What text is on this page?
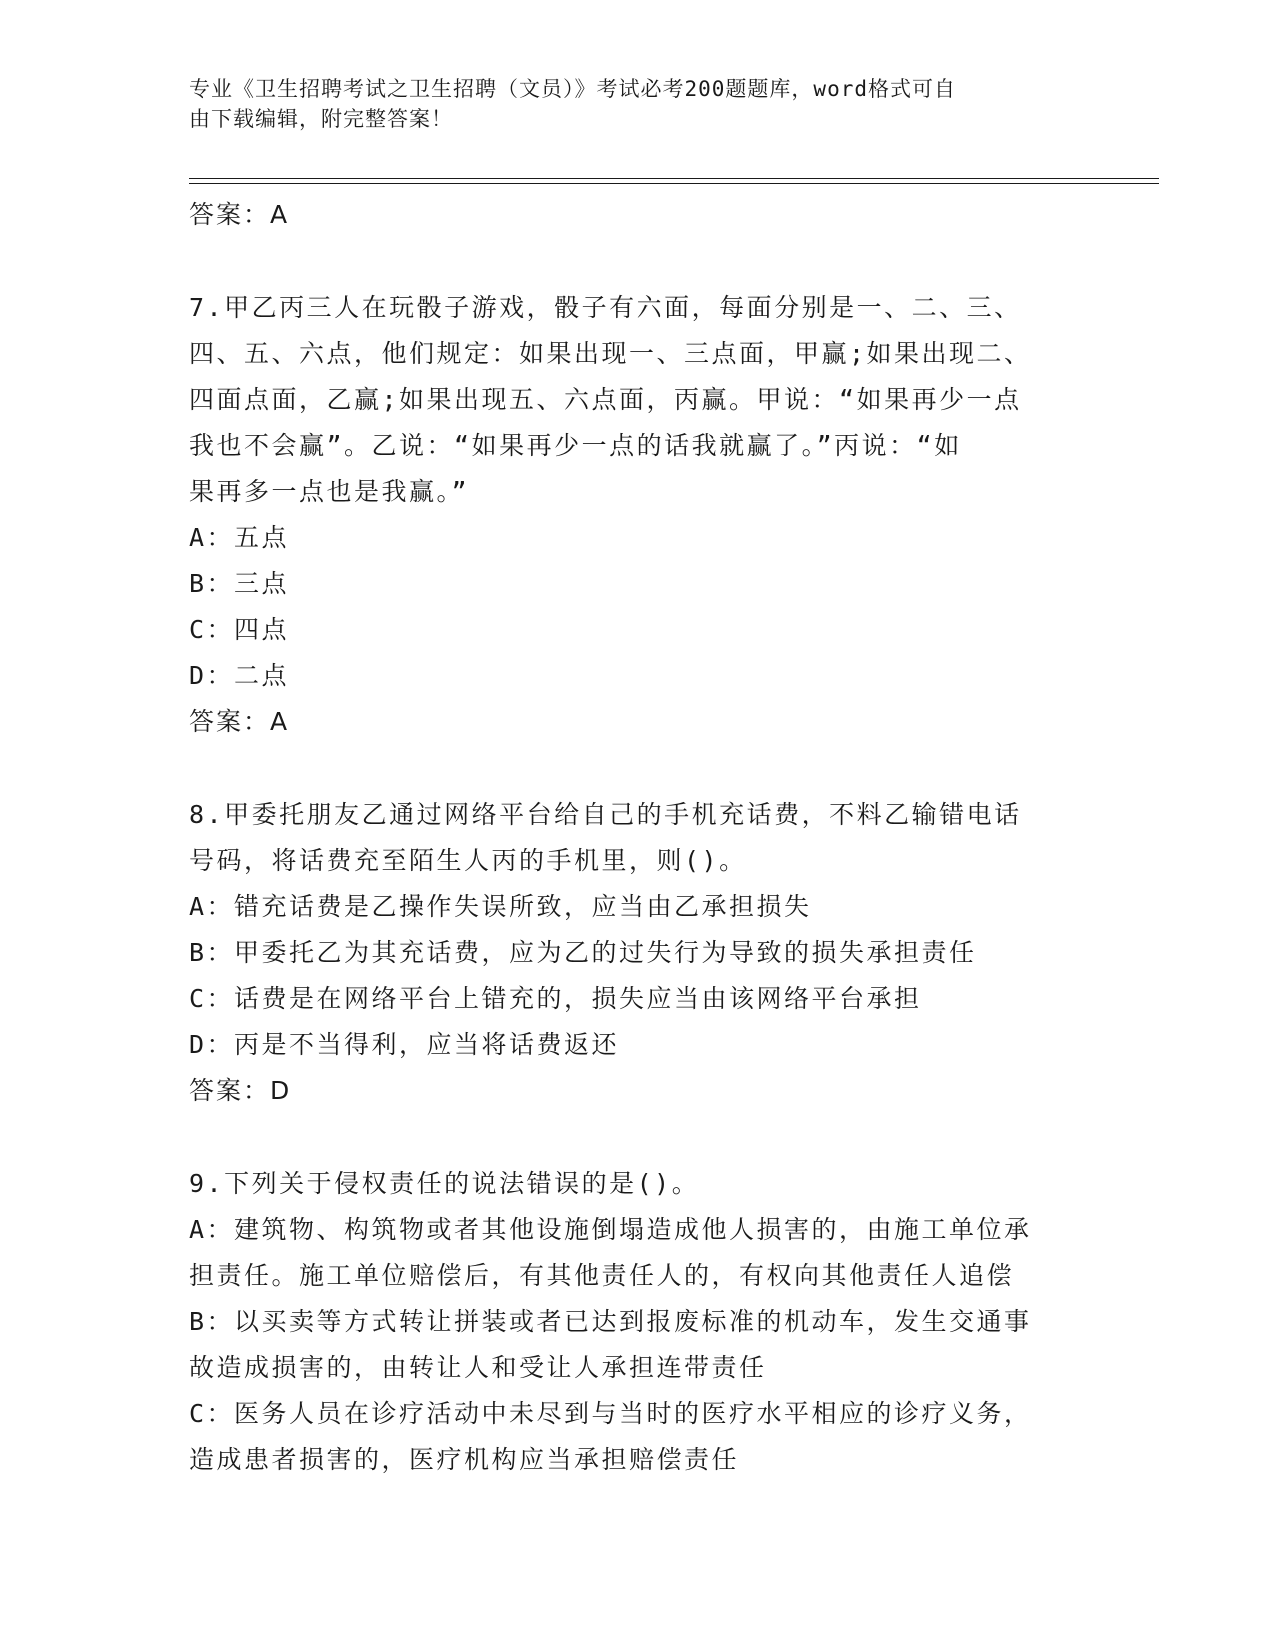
专业《卫生招聘考试之卫生招聘（文员）》考试必考200题题库，word格式可自
由下载编辑，附完整答案！
答案：A
7.甲乙丙三人在玩骰子游戏，骰子有六面，每面分别是一、二、三、
四、五、六点，他们规定：如果出现一、三点面，甲赢;如果出现二、
四面点面，乙赢;如果出现五、六点面，丙赢。甲说：“如果再少一点
我也不会赢”。乙说：“如果再少一点的话我就赢了。”丙说：“如
果再多一点也是我赢。”
A：五点
B：三点
C：四点
D：二点
答案：A
8.甲委托朋友乙通过网络平台给自己的手机充话费，不料乙输错电话
号码，将话费充至陌生人丙的手机里，则()。
A：错充话费是乙操作失误所致，应当由乙承担损失
B：甲委托乙为其充话费，应为乙的过失行为导致的损失承担责任
C：话费是在网络平台上错充的，损失应当由该网络平台承担
D：丙是不当得利，应当将话费返还
答案：D
9.下列关于侵权责任的说法错误的是()。
A：建筑物、构筑物或者其他设施倒塌造成他人损害的，由施工单位承
担责任。施工单位赔偿后，有其他责任人的，有权向其他责任人追偿
B：以买卖等方式转让拼装或者已达到报废标准的机动车，发生交通事
故造成损害的，由转让人和受让人承担连带责任
C：医务人员在诊疗活动中未尽到与当时的医疗水平相应的诊疗义务，
造成患者损害的，医疗机构应当承担赔偿责任
